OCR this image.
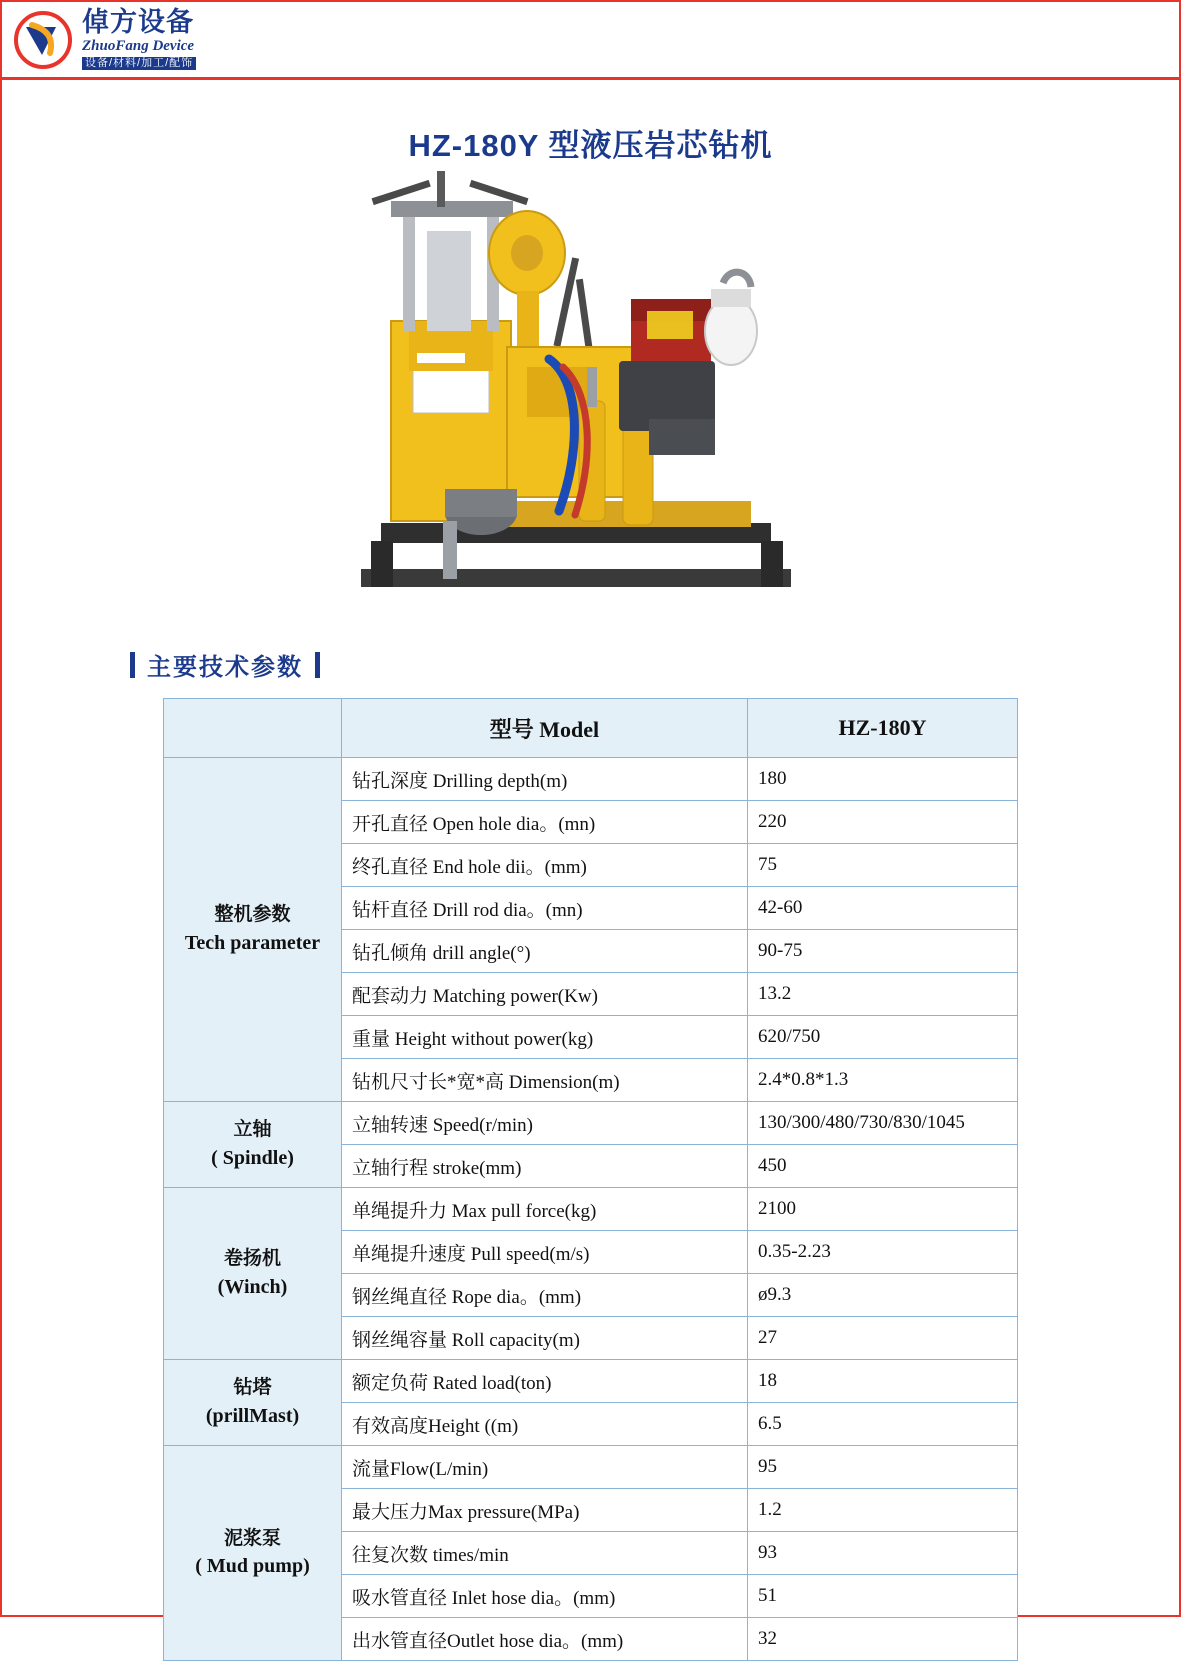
倬方设备
ZhuoFang Device
设备/材料/加工/配饰
HZ-180Y 型液压岩芯钻机
主要技术参数
	型号 Model	HZ-180Y

整机参数
Tech parameter	钻孔深度 Drilling depth(m)	180
	开孔直径 Open hole dia。(mn)	220
	终孔直径 End hole dii。(mm)	75
	钻杆直径 Drill rod dia。(mn)	42-60
	钻孔倾角 drill angle(°)	90-75
	配套动力 Matching power(Kw)	13.2
	重量 Height without power(kg)	620/750
	钻机尺寸长*宽*高 Dimension(m)	2.4*0.8*1.3

立轴
( Spindle)	立轴转速 Speed(r/min)	130/300/480/730/830/1045
	立轴行程 stroke(mm)	450

卷扬机
(Winch)	单绳提升力 Max pull force(kg)	2100
	单绳提升速度 Pull speed(m/s)	0.35-2.23
	钢丝绳直径 Rope dia。(mm)	ø9.3
	钢丝绳容量 Roll capacity(m)	27

钻塔
(prillMast)	额定负荷 Rated load(ton)	18
	有效高度Height ((m)	6.5

泥浆泵
( Mud pump)	流量Flow(L/min)	95
	最大压力Max pressure(MPa)	1.2
	往复次数 times/min	93
	吸水管直径 Inlet hose dia。(mm)	51
	出水管直径Outlet hose dia。(mm)	32
